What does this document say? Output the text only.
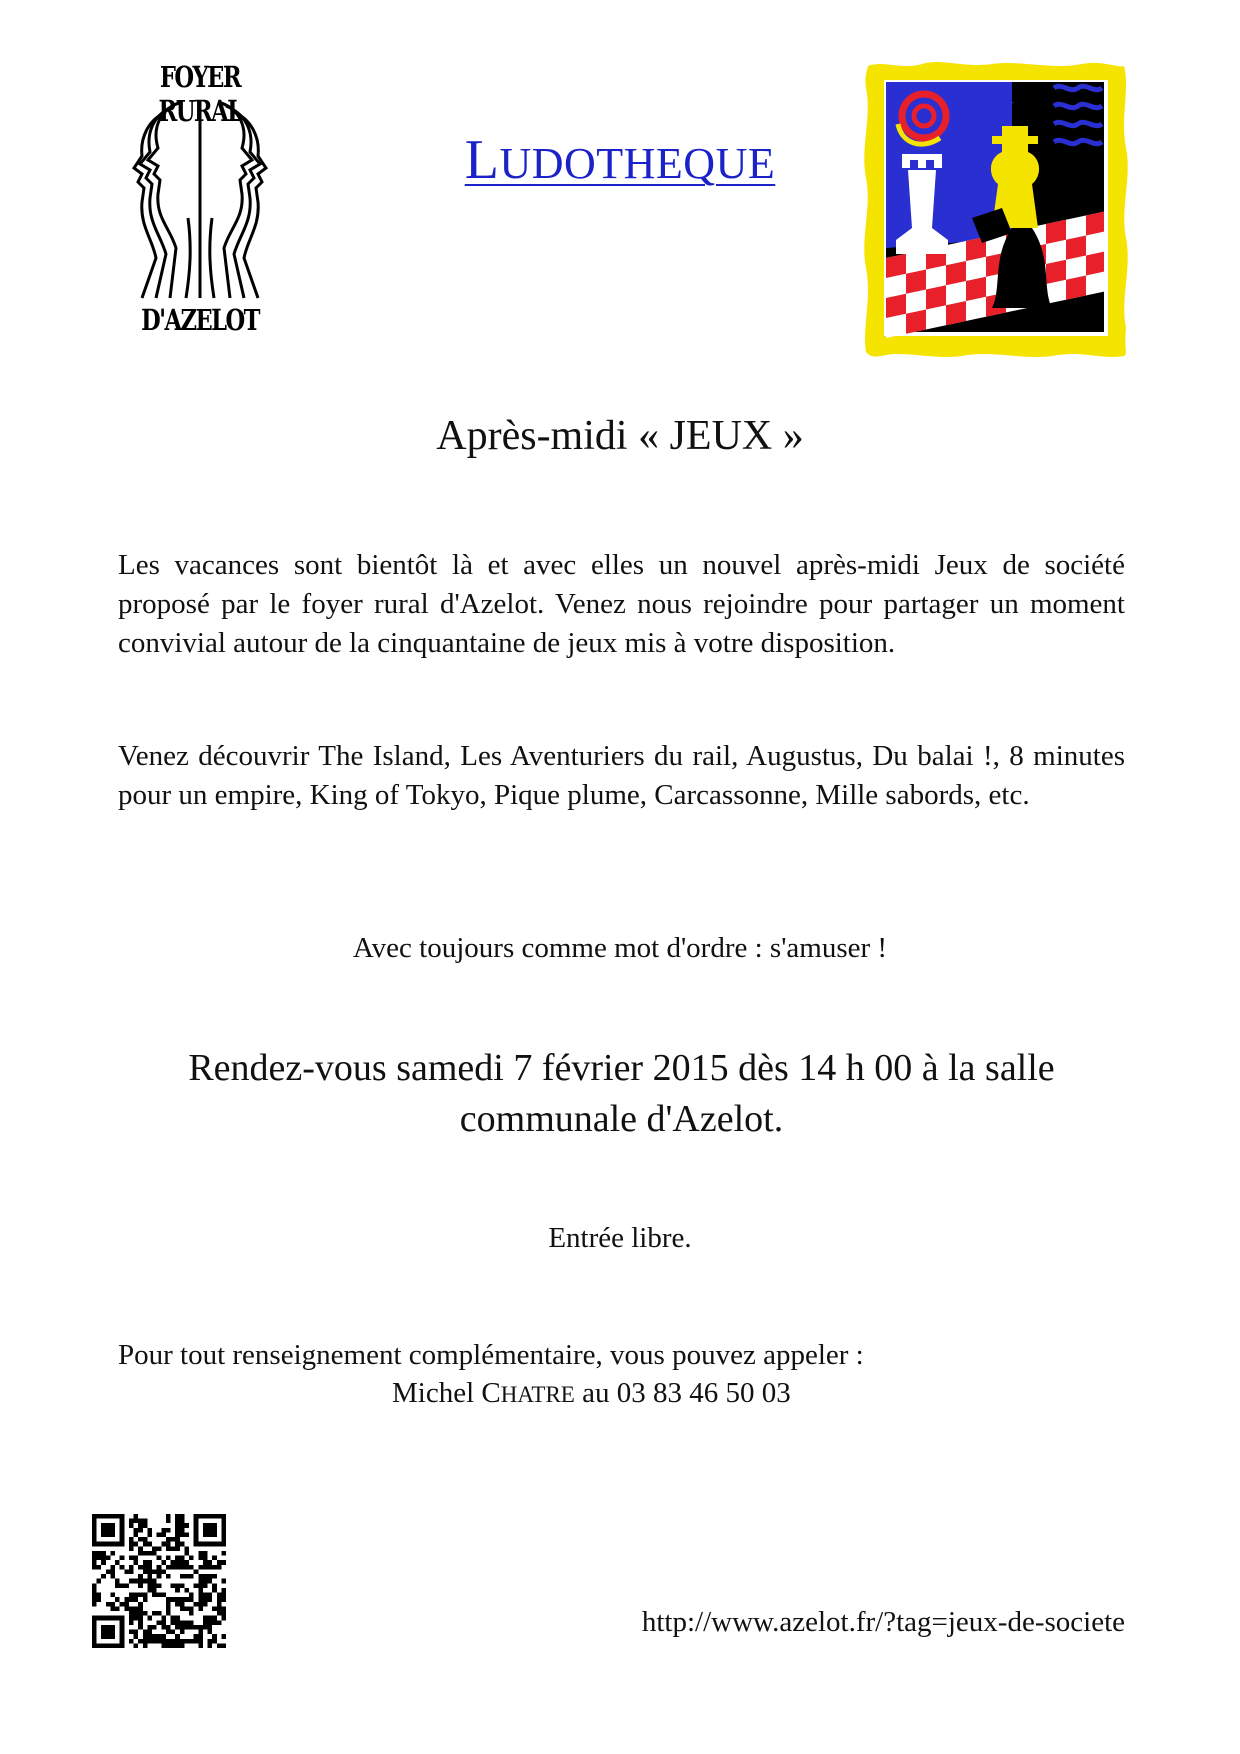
FOYER RURAL
D'AZELOT
LUDOTHEQUE
Après-midi « JEUX »
Les vacances sont bientôt là et avec elles un nouvel après-midi Jeux de société proposé par le foyer rural d'Azelot. Venez nous rejoindre pour partager un moment convivial autour de la cinquantaine de jeux mis à votre disposition.
Venez découvrir The Island, Les Aventuriers du rail, Augustus, Du balai !, 8 minutes pour un empire, King of Tokyo, Pique plume, Carcassonne, Mille sabords, etc.
Avec toujours comme mot d'ordre : s'amuser !
Rendez-vous samedi 7 février 2015 dès 14 h 00 à la salle communale d'Azelot.
Entrée libre.
Pour tout renseignement complémentaire, vous pouvez appeler :
Michel CHATRE au 03 83 46 50 03
http://www.azelot.fr/?tag=jeux-de-societe
